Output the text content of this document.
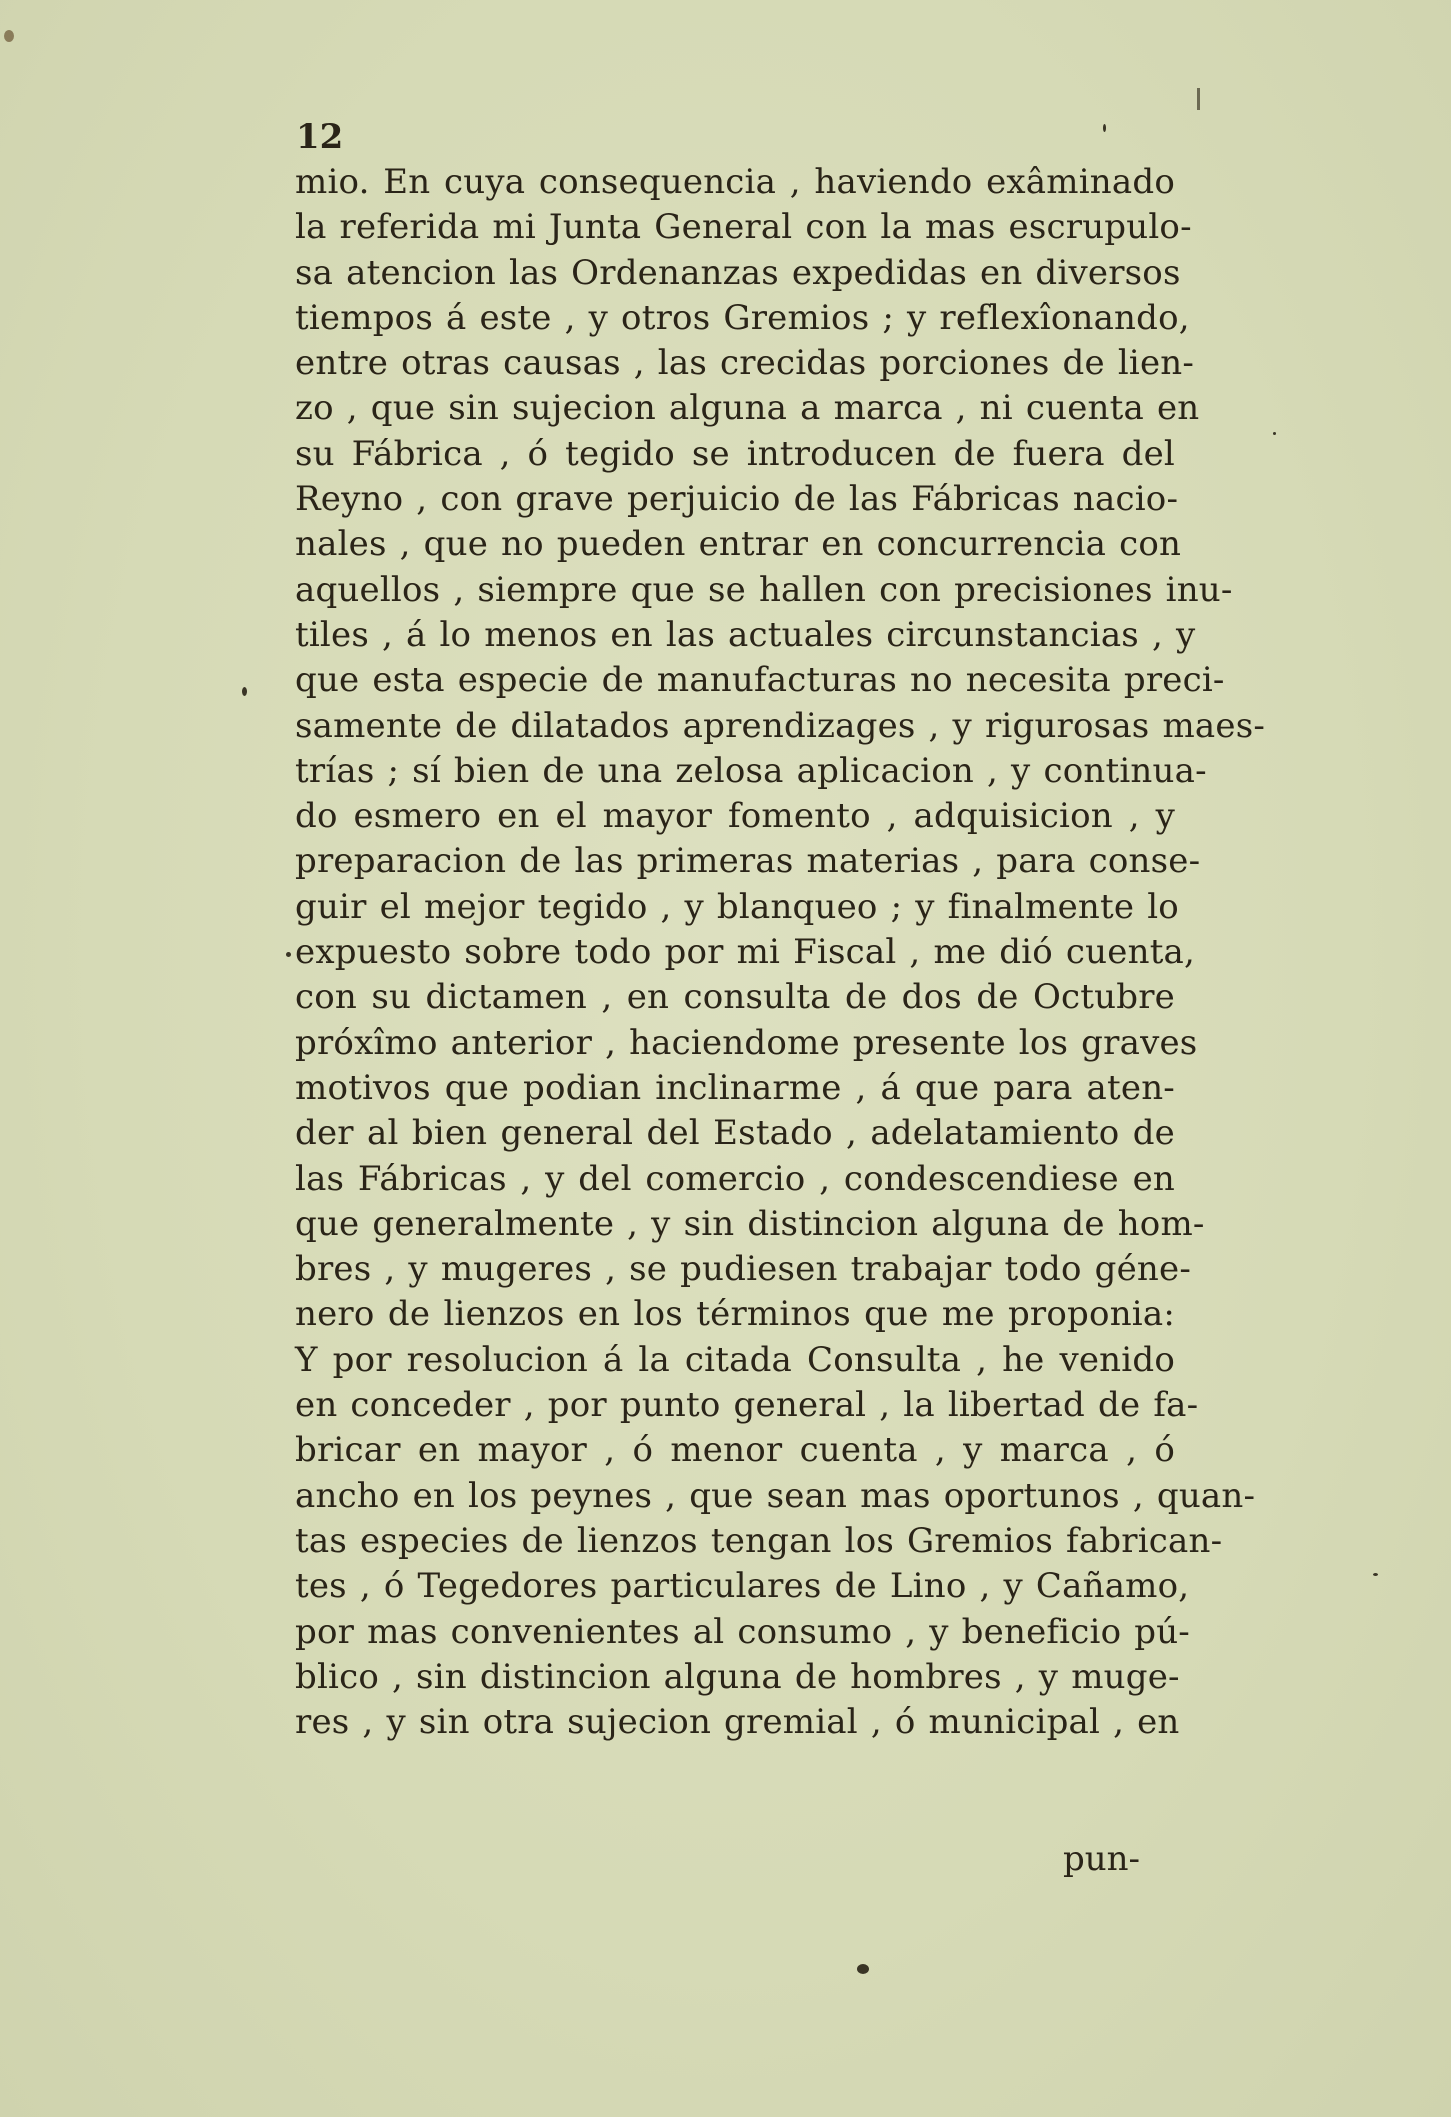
12
mio. En cuya consequencia , haviendo exâminado
la referida mi Junta General con la mas escrupulo-
sa atencion las Ordenanzas expedidas en diversos
tiempos á este , y otros Gremios ; y reflexîonando,
entre otras causas , las crecidas porciones de lien-
zo , que sin sujecion alguna a marca , ni cuenta en
su Fábrica , ó tegido se introducen de fuera del
Reyno , con grave perjuicio de las Fábricas nacio-
nales , que no pueden entrar en concurrencia con
aquellos , siempre que se hallen con precisiones inu-
tiles , á lo menos en las actuales circunstancias , y
que esta especie de manufacturas no necesita preci-
samente de dilatados aprendizages , y rigurosas maes-
trías ; sí bien de una zelosa aplicacion , y continua-
do esmero en el mayor fomento , adquisicion , y
preparacion de las primeras materias , para conse-
guir el mejor tegido , y blanqueo ; y finalmente lo
expuesto sobre todo por mi Fiscal , me dió cuenta,
con su dictamen , en consulta de dos de Octubre
próxîmo anterior , haciendome presente los graves
motivos que podian inclinarme , á que para aten-
der al bien general del Estado , adelatamiento de
las Fábricas , y del comercio , condescendiese en
que generalmente , y sin distincion alguna de hom-
bres , y mugeres , se pudiesen trabajar todo géne-
nero de lienzos en los términos que me proponia:
Y por resolucion á la citada Consulta , he venido
en conceder , por punto general , la libertad de fa-
bricar en mayor , ó menor cuenta , y marca , ó
ancho en los peynes , que sean mas oportunos , quan-
tas especies de lienzos tengan los Gremios fabrican-
tes , ó Tegedores particulares de Lino , y Cañamo,
por mas convenientes al consumo , y beneficio pú-
blico , sin distincion alguna de hombres , y muge-
res , y sin otra sujecion gremial , ó municipal , en
pun-
